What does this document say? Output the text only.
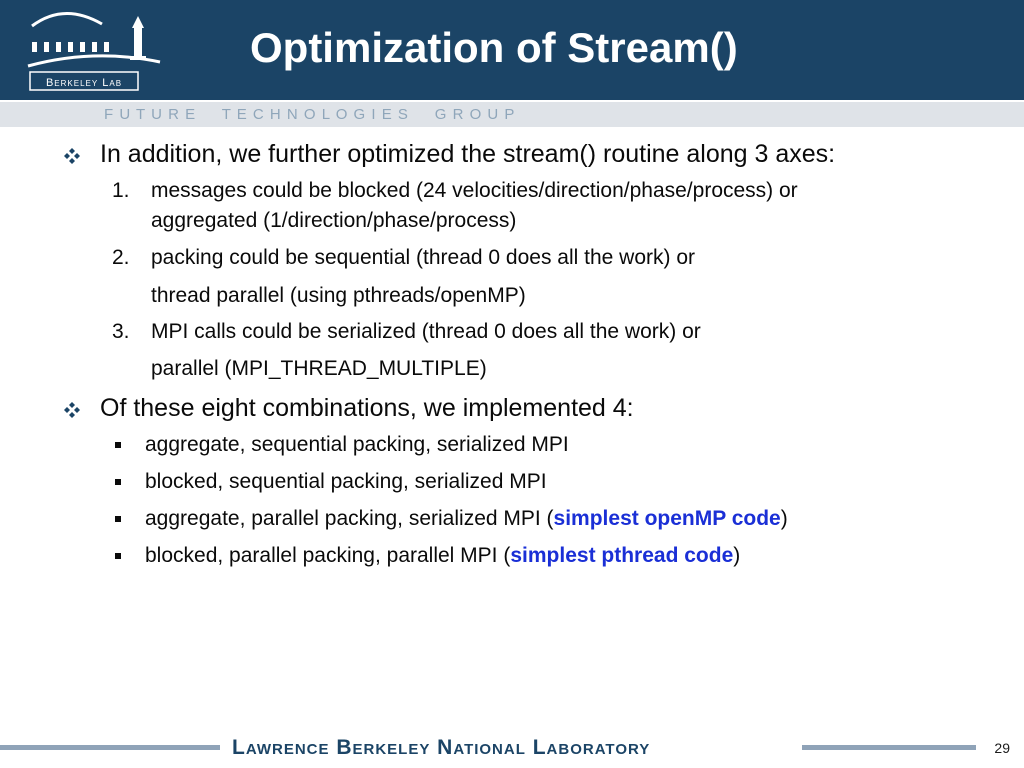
Berkeley Lab
Optimization of Stream()
F U T U R E     T E C H N O L O G I E S     G R O U P
In addition, we further optimized the stream() routine along 3 axes:
1.	messages could be blocked (24 velocities/direction/phase/process) or
aggregated (1/direction/phase/process)
2.	packing could be sequential (thread 0 does all the work) or
thread parallel (using pthreads/openMP)
3.	MPI calls could be serialized (thread 0 does all the work) or
parallel (MPI_THREAD_MULTIPLE)
Of these eight combinations, we implemented 4:
aggregate, sequential packing, serialized MPI
blocked, sequential packing, serialized MPI
aggregate, parallel packing, serialized MPI (simplest openMP code)
blocked, parallel packing, parallel MPI (simplest pthread code)
Lawrence Berkeley National Laboratory	29
